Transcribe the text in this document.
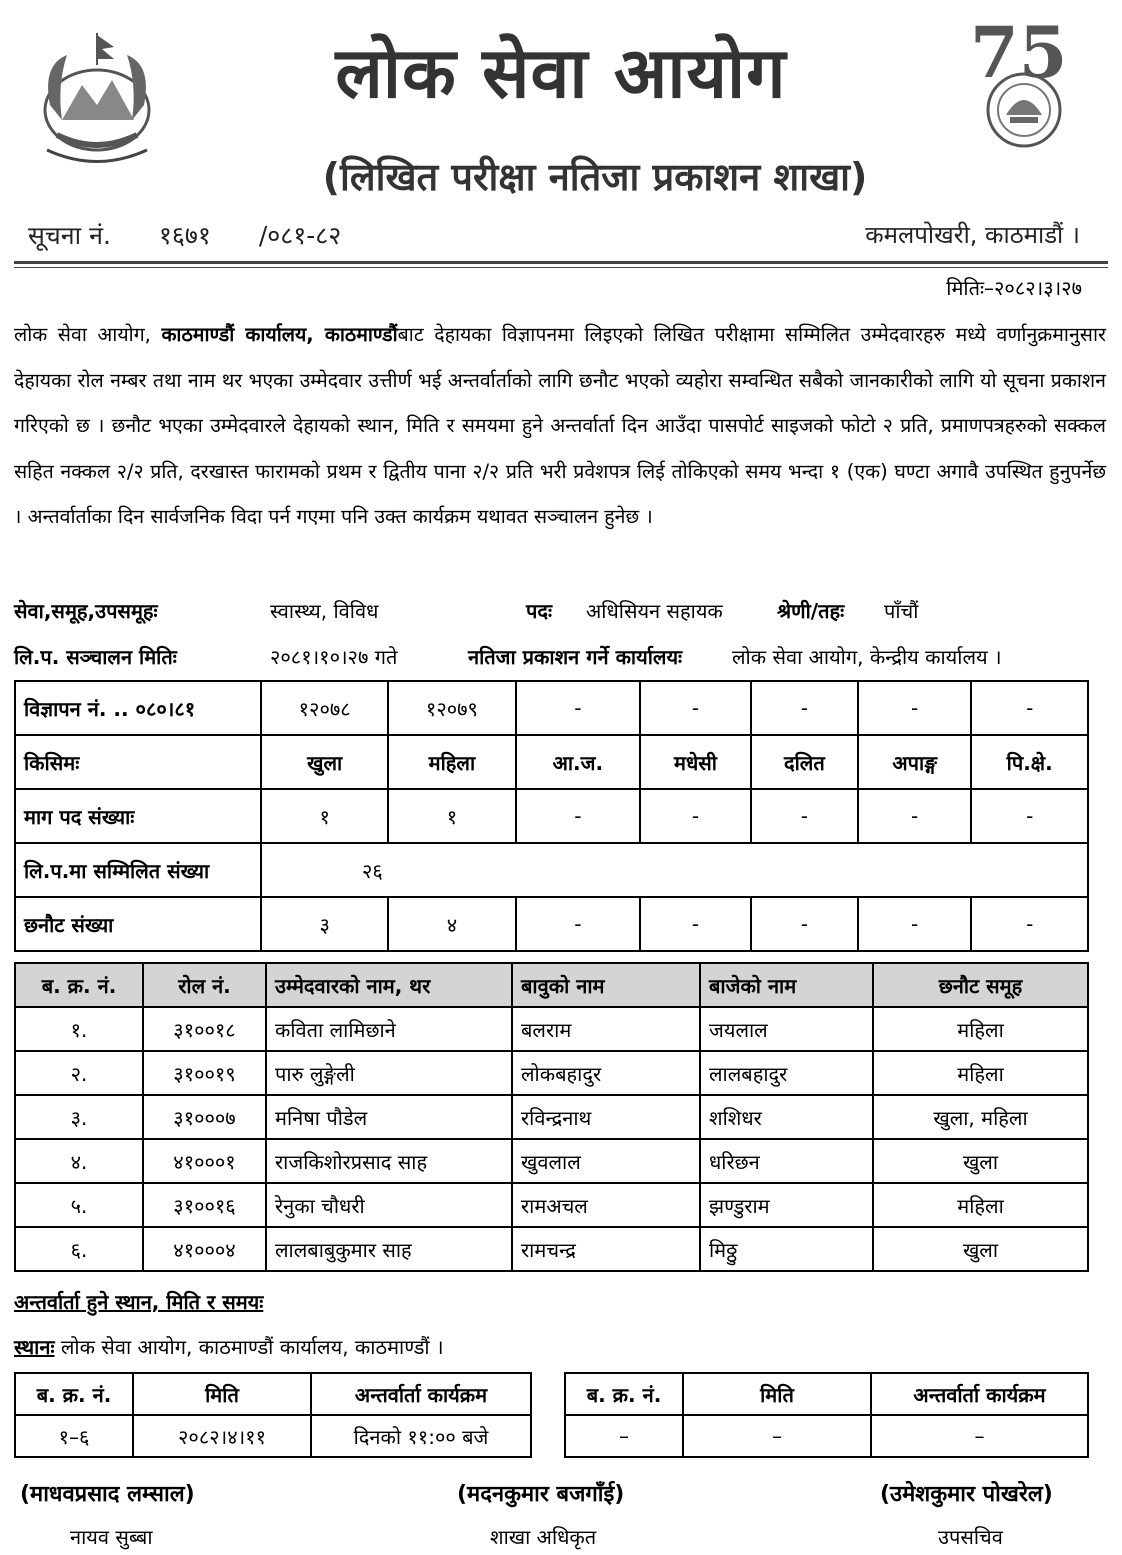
75
लोक सेवा आयोग
(लिखित परीक्षा नतिजा प्रकाशन शाखा)
सूचना नं. १६७१ /०८१-८२	कमलपोखरी, काठमाडौं ।
मितिः–२०८२।३।२७
लोक सेवा आयोग, काठमाण्डौं कार्यालय, काठमाण्डौंबाट देहायका विज्ञापनमा लिइएको लिखित परीक्षामा सम्मिलित उम्मेदवारहरु मध्ये वर्णानुक्रमानुसार देहायका रोल नम्बर तथा नाम थर भएका उम्मेदवार उत्तीर्ण भई अन्तर्वार्ताको लागि छनौट भएको व्यहोरा सम्वन्धित सबैको जानकारीको लागि यो सूचना प्रकाशन गरिएको छ । छनौट भएका उम्मेदवारले देहायको स्थान, मिति र समयमा हुने अन्तर्वार्ता दिन आउँदा पासपोर्ट साइजको फोटो २ प्रति, प्रमाणपत्रहरुको सक्कल सहित नक्कल २/२ प्रति, दरखास्त फारामको प्रथम र द्वितीय पाना २/२ प्रति भरी प्रवेशपत्र लिई तोकिएको समय भन्दा १ (एक) घण्टा अगावै उपस्थित हुनुपर्नेछ । अन्तर्वार्ताका दिन सार्वजनिक विदा पर्न गएमा पनि उक्त कार्यक्रम यथावत सञ्चालन हुनेछ ।
सेवा,समूह,उपसमूहः	स्वास्थ्य, विविध	पदः अधिसियन सहायक	श्रेणी/तहः पाँचौं
लि.प. सञ्चालन मितिः	२०८१।१०।२७ गते	नतिजा प्रकाशन गर्ने कार्यालयः लोक सेवा आयोग, केन्द्रीय कार्यालय ।
विज्ञापन नं. .. ०८०।८१	१२०७८	१२०७९	-	-	-	-	-
किसिमः	खुला	महिला	आ.ज.	मधेसी	दलित	अपाङ्ग	पि.क्षे.
माग पद संख्याः	१	१	-	-	-	-	-
लि.प.मा सम्मिलित संख्या	२६						
छनौट संख्या	३	४	-	-	-	-	-
ब. क्र. नं.	रोल नं.	उम्मेदवारको नाम, थर	बावुको नाम	बाजेको नाम	छनौट समूह
१.	३१००१८	कविता लामिछाने	बलराम	जयलाल	महिला
२.	३१००१९	पारु लुङ्गेली	लोकबहादुर	लालबहादुर	महिला
३.	३१०००७	मनिषा पौडेल	रविन्द्रनाथ	शशिधर	खुला, महिला
४.	४१०००१	राजकिशोरप्रसाद साह	खुवलाल	धरिछन	खुला
५.	३१००१६	रेनुका चौधरी	रामअचल	झण्डुराम	महिला
६.	४१०००४	लालबाबुकुमार साह	रामचन्द्र	मिठ्ठु	खुला
अन्तर्वार्ता हुने स्थान, मिति र समयः
स्थानः लोक सेवा आयोग, काठमाण्डौं कार्यालय, काठमाण्डौं ।
ब. क्र. नं.	मिति	अन्तर्वार्ता कार्यक्रम
१–६	२०८२।४।११	दिनको ११:०० बजे
ब. क्र. नं.	मिति	अन्तर्वार्ता कार्यक्रम
–	–	–
(माधवप्रसाद लम्साल)	(मदनकुमार बजगाँई)	(उमेशकुमार पोखरेल)
नायव सुब्बा	शाखा अधिकृत	उपसचिव
